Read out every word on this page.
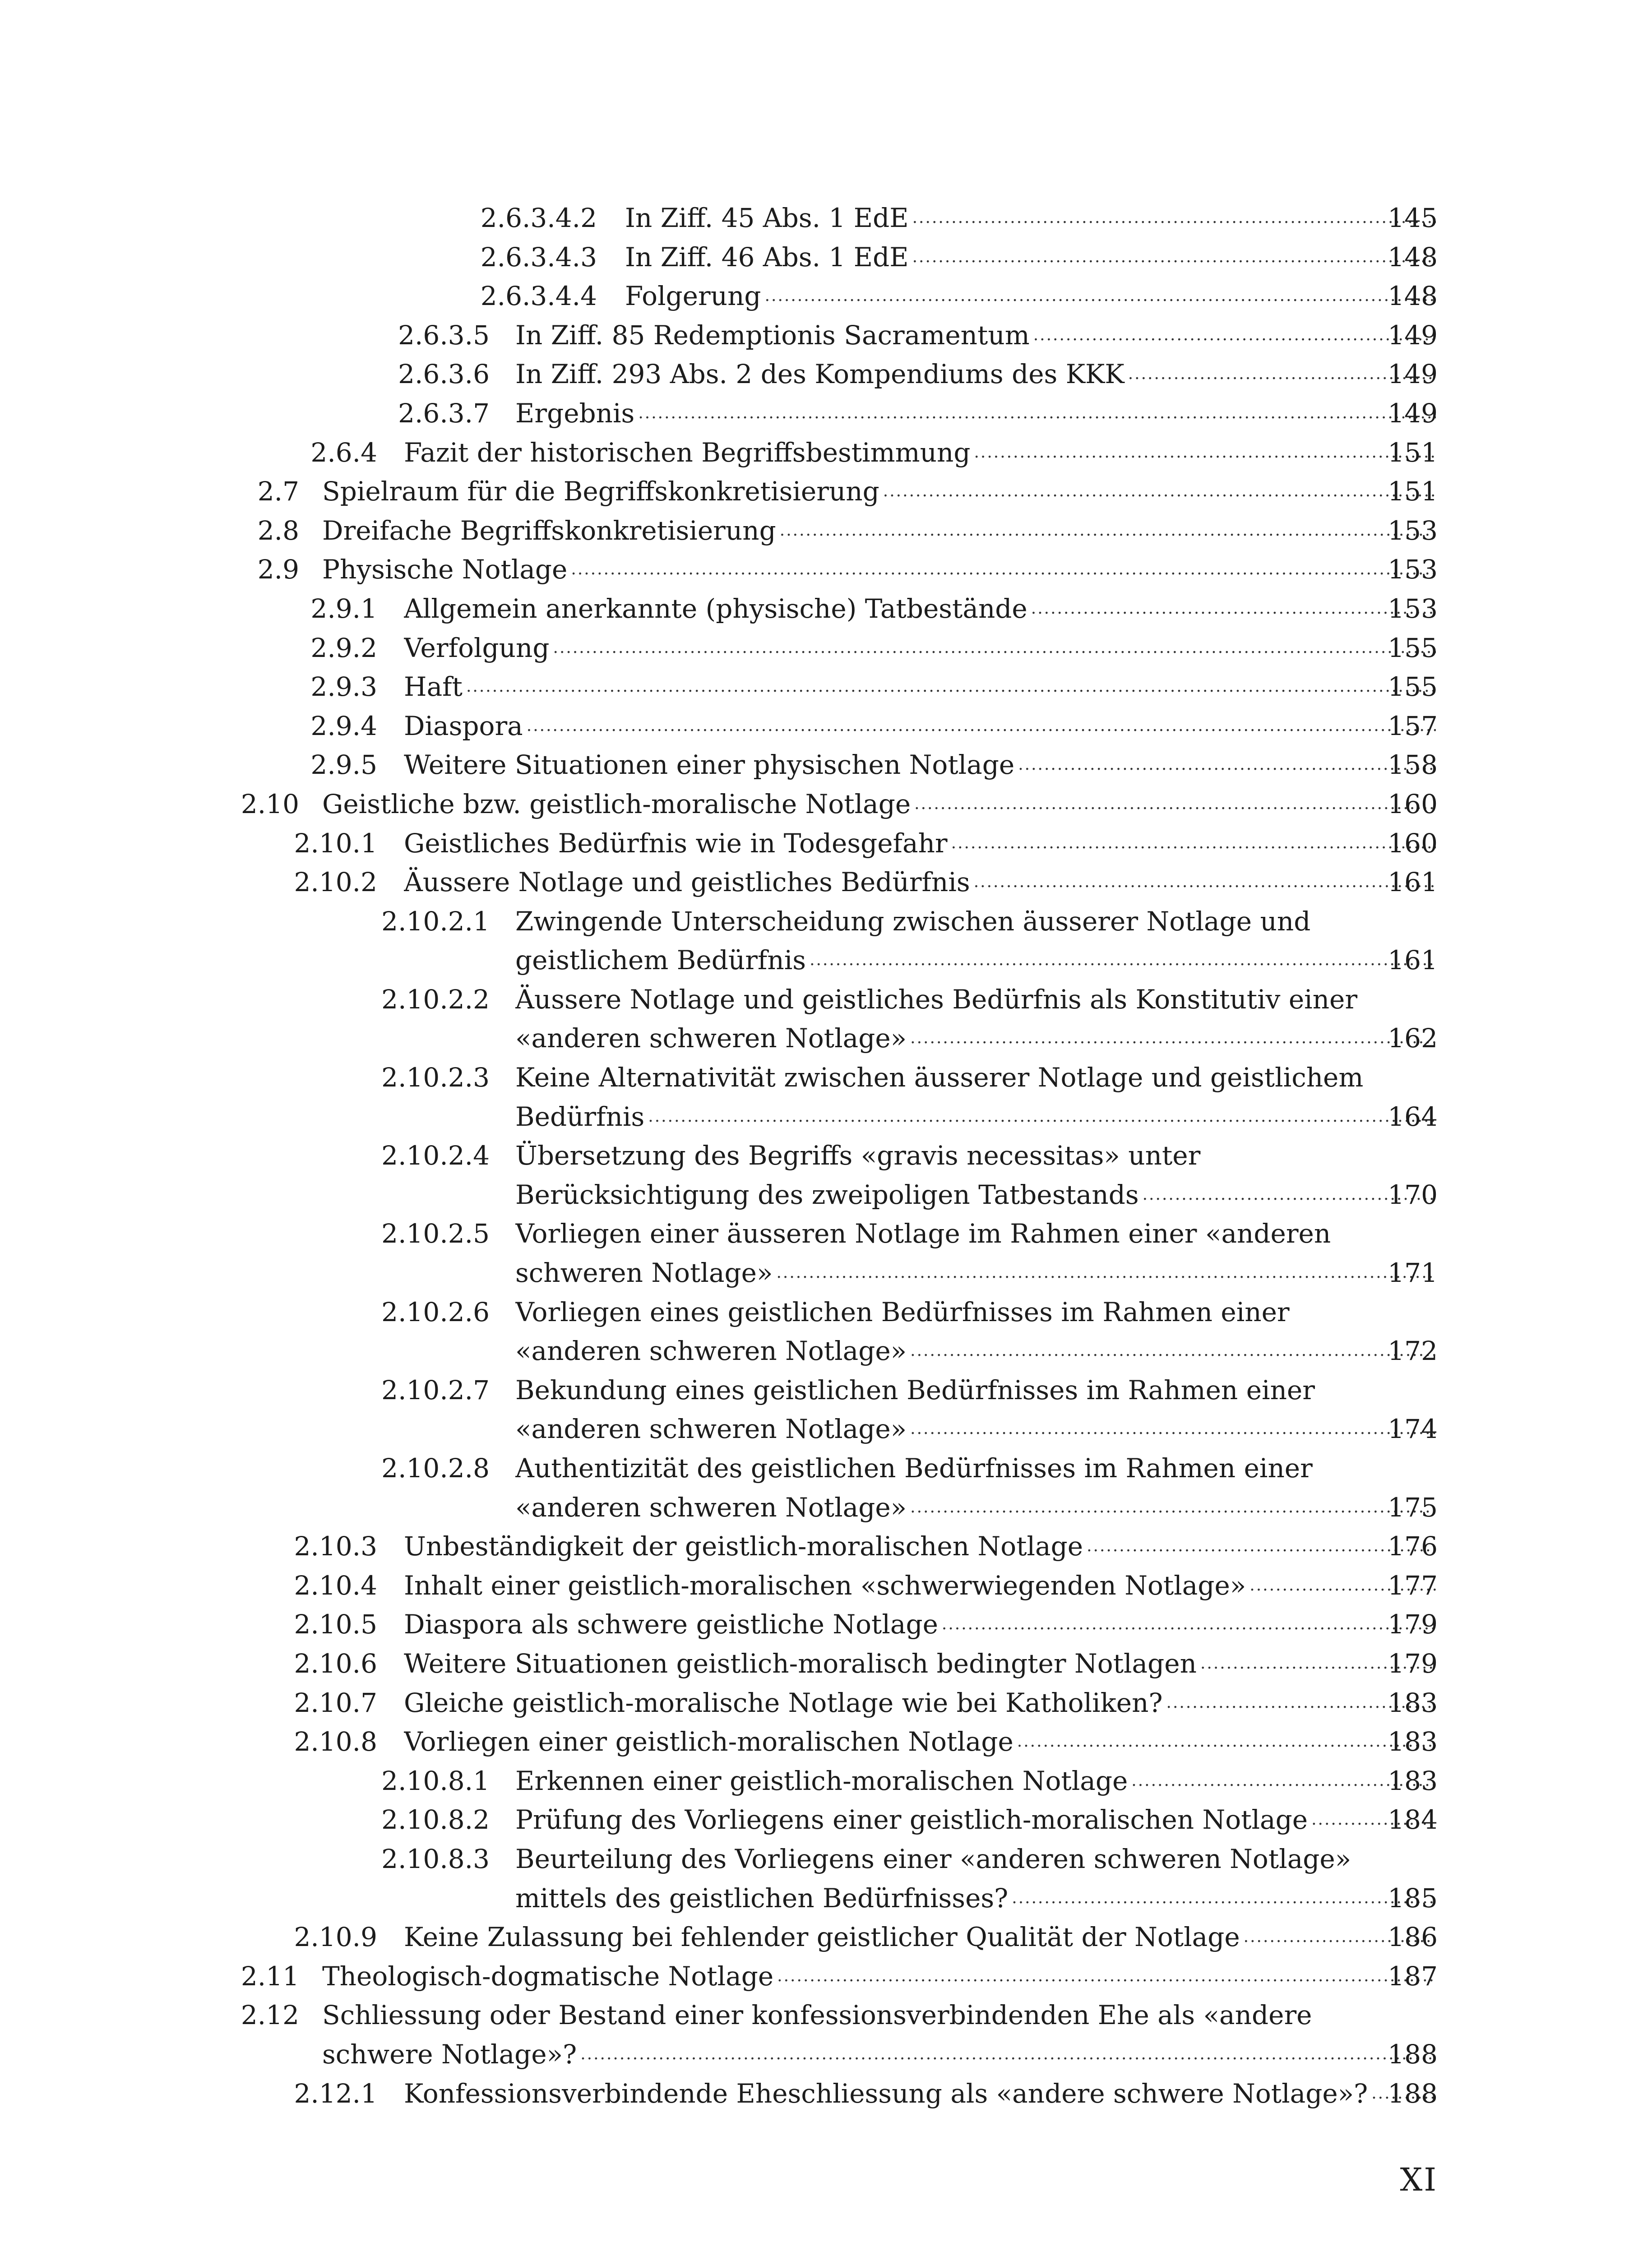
2.6.3.4.2 In Ziff. 45 Abs. 1 EdE .....	145
2.6.3.4.3 In Ziff. 46 Abs. 1 EdE .....	148
2.6.3.4.4 Folgerung .....	148
2.6.3.5 In Ziff. 85 Redemptionis Sacramentum .....	149
2.6.3.6 In Ziff. 293 Abs. 2 des Kompendiums des KKK .....	149
2.6.3.7 Ergebnis .....	149
2.6.4 Fazit der historischen Begriffsbestimmung .....	151
2.7 Spielraum für die Begriffskonkretisierung .....	151
2.8 Dreifache Begriffskonkretisierung .....	153
2.9 Physische Notlage .....	153
2.9.1 Allgemein anerkannte (physische) Tatbestände .....	153
2.9.2 Verfolgung .....	155
2.9.3 Haft .....	155
2.9.4 Diaspora .....	157
2.9.5 Weitere Situationen einer physischen Notlage .....	158
2.10 Geistliche bzw. geistlich-moralische Notlage .....	160
2.10.1 Geistliches Bedürfnis wie in Todesgefahr .....	160
2.10.2 Äussere Notlage und geistliches Bedürfnis .....	161
2.10.2.1 Zwingende Unterscheidung zwischen äusserer Notlage und
geistlichem Bedürfnis .....	161
2.10.2.2 Äussere Notlage und geistliches Bedürfnis als Konstitutiv einer
«anderen schweren Notlage» .....	162
2.10.2.3 Keine Alternativität zwischen äusserer Notlage und geistlichem
Bedürfnis .....	164
2.10.2.4 Übersetzung des Begriffs «gravis necessitas» unter
Berücksichtigung des zweipoligen Tatbestands .....	170
2.10.2.5 Vorliegen einer äusseren Notlage im Rahmen einer «anderen
schweren Notlage» .....	171
2.10.2.6 Vorliegen eines geistlichen Bedürfnisses im Rahmen einer
«anderen schweren Notlage» .....	172
2.10.2.7 Bekundung eines geistlichen Bedürfnisses im Rahmen einer
«anderen schweren Notlage» .....	174
2.10.2.8 Authentizität des geistlichen Bedürfnisses im Rahmen einer
«anderen schweren Notlage» .....	175
2.10.3 Unbeständigkeit der geistlich-moralischen Notlage .....	176
2.10.4 Inhalt einer geistlich-moralischen «schwerwiegenden Notlage» .....	177
2.10.5 Diaspora als schwere geistliche Notlage .....	179
2.10.6 Weitere Situationen geistlich-moralisch bedingter Notlagen .....	179
2.10.7 Gleiche geistlich-moralische Notlage wie bei Katholiken? .....	183
2.10.8 Vorliegen einer geistlich-moralischen Notlage .....	183
2.10.8.1 Erkennen einer geistlich-moralischen Notlage .....	183
2.10.8.2 Prüfung des Vorliegens einer geistlich-moralischen Notlage .....	184
2.10.8.3 Beurteilung des Vorliegens einer «anderen schweren Notlage»
mittels des geistlichen Bedürfnisses? .....	185
2.10.9 Keine Zulassung bei fehlender geistlicher Qualität der Notlage .....	186
2.11 Theologisch-dogmatische Notlage .....	187
2.12 Schliessung oder Bestand einer konfessionsverbindenden Ehe als «andere
schwere Notlage»? .....	188
2.12.1 Konfessionsverbindende Eheschliessung als «andere schwere Notlage»? ..... 188
XI
